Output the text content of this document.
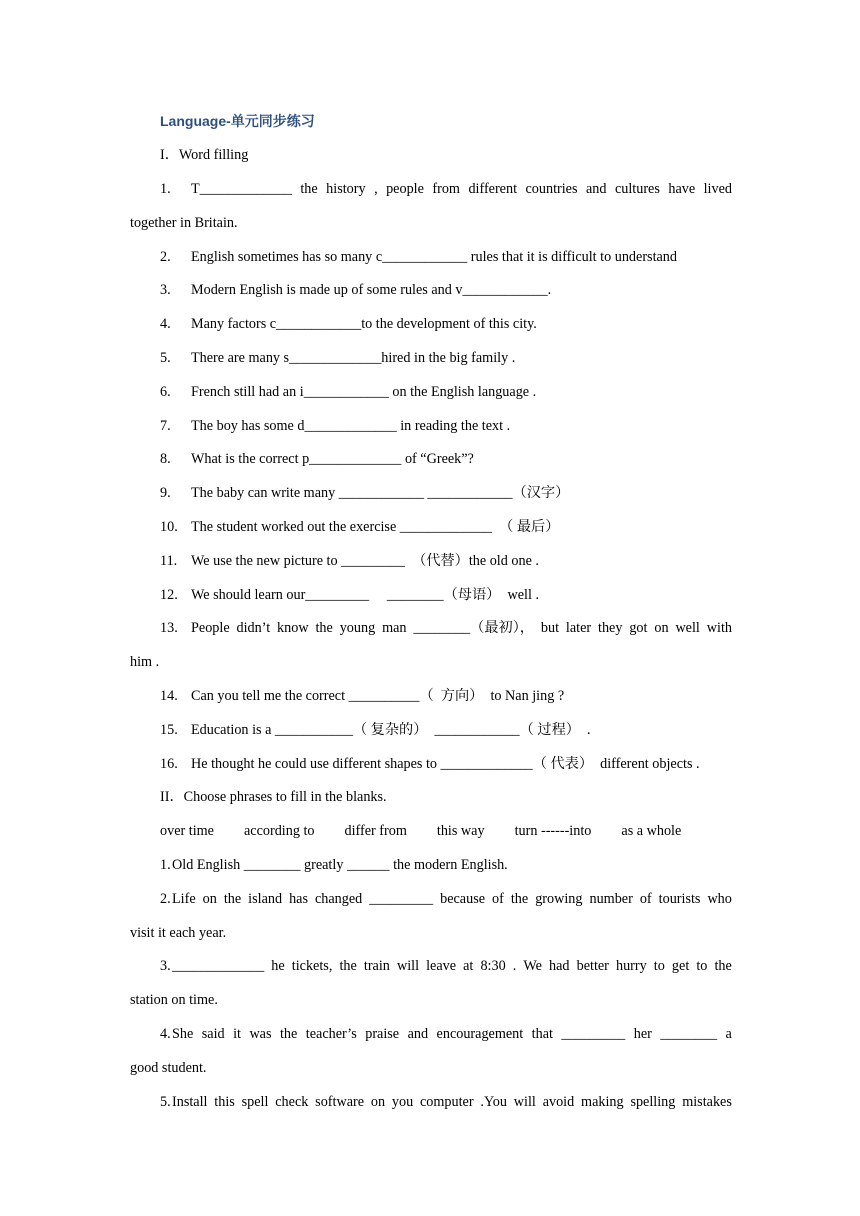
Language-单元同步练习
I．Word filling
1. T_____________ the history , people from different countries and cultures have lived
together in Britain.
2. English sometimes has so many c____________ rules that it is difficult to understand
3. Modern English is made up of some rules and v____________.
4. Many factors c____________to the development of this city.
5. There are many s_____________hired in the big family .
6. French still had an i____________ on the English language .
7. The boy has some d_____________ in reading the text .
8. What is the correct p_____________ of “Greek”?
9. The baby can write many ____________ ____________（汉字）
10. The student worked out the exercise _____________  （ 最后）
11. We use the new picture to _________  （代替）the old one .
12. We should learn our_________     ________（母语）  well .
13. People didn’t know the young man ________（最初）， but later they got on well with
him .
14. Can you tell me the correct __________（  方向）  to Nan jing ?
15. Education is a ___________（ 复杂的）  ____________（ 过程）  .
16. He thought he could use different shapes to _____________（ 代表）  different objects .
II．Choose phrases to fill in the blanks.
over time according to differ from this way turn ------into as a whole
1. Old English ________ greatly ______ the modern English.
2. Life on the island has changed _________ because of the growing number of tourists who
visit it each year.
3. _____________ he tickets, the train will leave at 8:30 . We had better hurry to get to the
station on time.
4. She said it was the teacher’s praise and encouragement that _________ her ________ a
good student.
5. Install this spell check software on you computer .You will avoid making spelling mistakes
